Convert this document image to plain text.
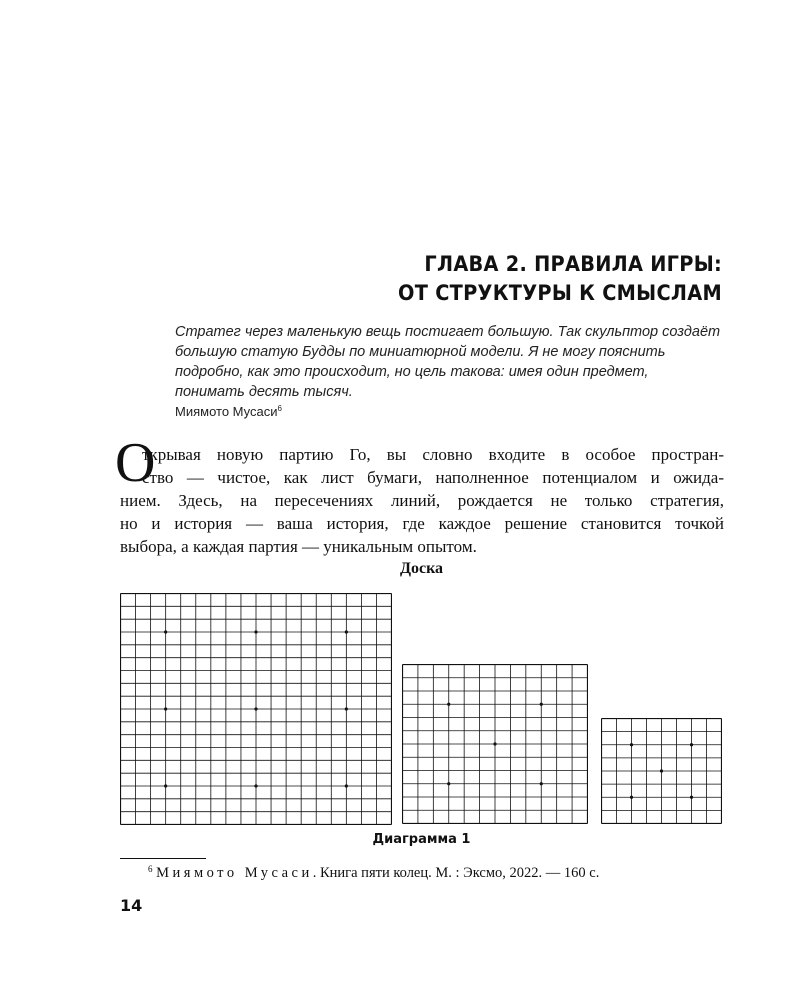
ГЛАВА 2. ПРАВИЛА ИГРЫ:
ОТ СТРУКТУРЫ К СМЫСЛАМ
Стратег через маленькую вещь постигает большую. Так скульптор создаёт
большую статую Будды по миниатюрной модели. Я не могу пояснить
подробно, как это происходит, но цель такова: имея один предмет,
понимать десять тысяч.
Миямото Мусаси$^6$
О
ткрывая новую партию Го, вы словно входите в особое простран-
ство — чистое, как лист бумаги, наполненное потенциалом и ожида-
нием. Здесь, на пересечениях линий, рождается не только стратегия,
но и история — ваша история, где каждое решение становится точкой
выбора, а каждая партия — уникальным опытом.
Доска
Диаграмма 1
$^6$ Миямото Мусаси. Книга пяти колец. М. : Эксмо, 2022. — 160 с.
14
